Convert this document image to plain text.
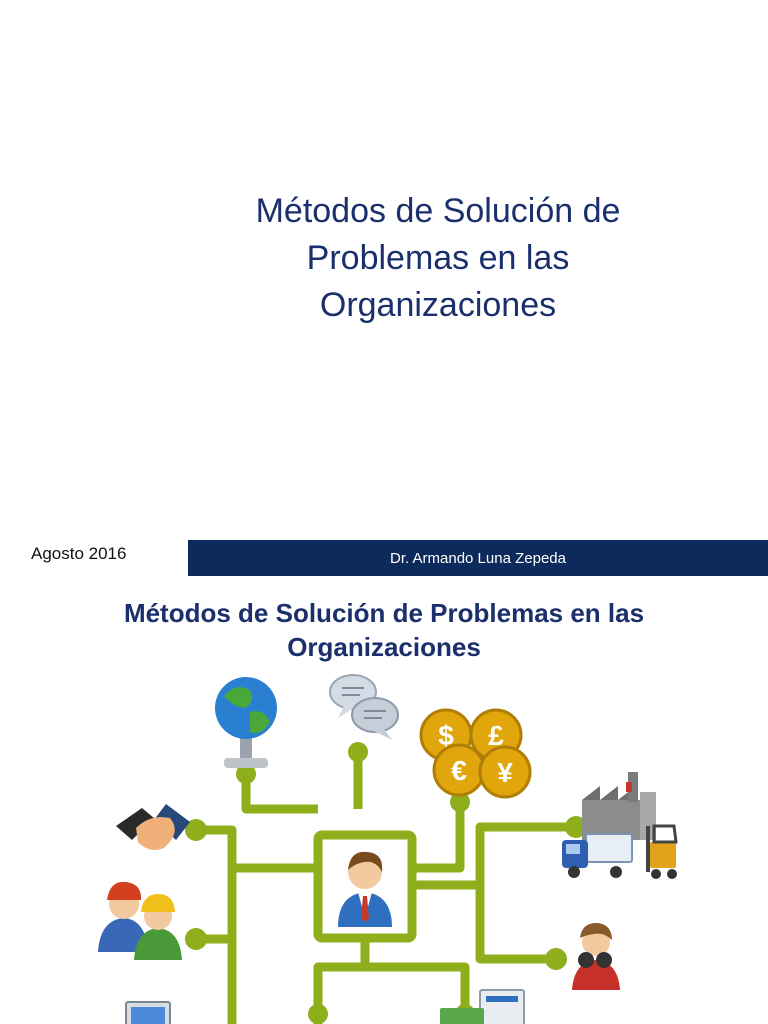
Métodos de Solución de
Problemas en las
Organizaciones
Agosto 2016	Dr. Armando Luna Zepeda
$ £
€ ¥
Métodos de Solución de Problemas en las
Organizaciones
